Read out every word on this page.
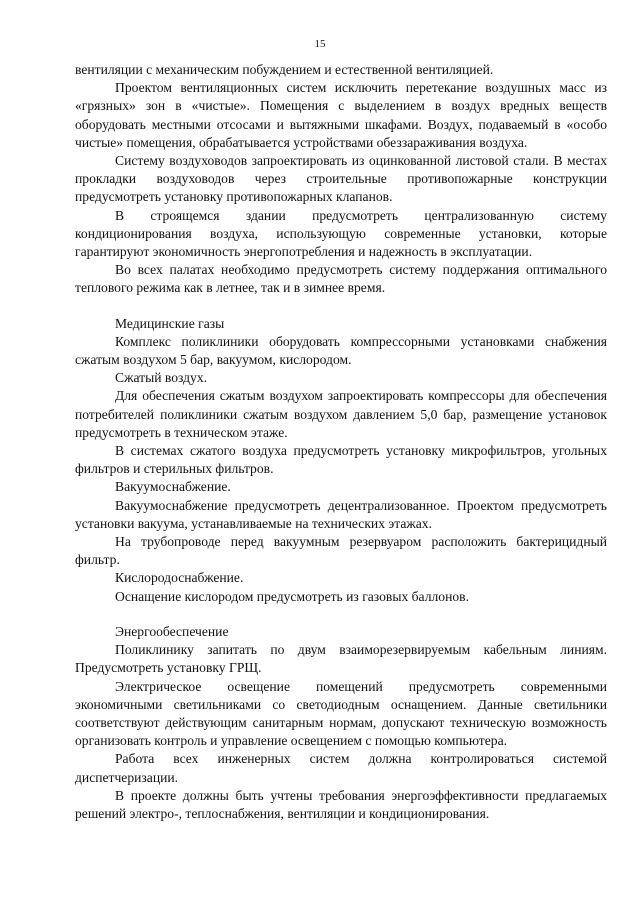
15

вентиляции с механическим побуждением и естественной вентиляцией.

Проектом вентиляционных систем исключить перетекание воздушных масс из «грязных» зон в «чистые». Помещения с выделением в воздух вредных веществ оборудовать местными отсосами и вытяжными шкафами. Воздух, подаваемый в «особо чистые» помещения, обрабатывается устройствами обеззараживания воздуха.

Систему воздуховодов запроектировать из оцинкованной листовой стали. В местах прокладки воздуховодов через строительные противопожарные конструкции предусмотреть установку противопожарных клапанов.

В строящемся здании предусмотреть централизованную систему кондиционирования воздуха, использующую современные установки, которые гарантируют экономичность энергопотребления и надежность в эксплуатации.

Во всех палатах необходимо предусмотреть систему поддержания оптимального теплового режима как в летнее, так и в зимнее время.

Медицинские газы

Комплекс поликлиники оборудовать компрессорными установками снабжения сжатым воздухом 5 бар, вакуумом, кислородом.

Сжатый воздух.

Для обеспечения сжатым воздухом запроектировать компрессоры для обеспечения потребителей поликлиники сжатым воздухом давлением 5,0 бар, размещение установок предусмотреть в техническом этаже.

В системах сжатого воздуха предусмотреть установку микрофильтров, угольных фильтров и стерильных фильтров.

Вакуумоснабжение.

Вакуумоснабжение предусмотреть децентрализованное. Проектом предусмотреть установки вакуума, устанавливаемые на технических этажах.

На трубопроводе перед вакуумным резервуаром расположить бактерицидный фильтр.

Кислородоснабжение.

Оснащение кислородом предусмотреть из газовых баллонов.

Энергообеспечение

Поликлинику запитать по двум взаиморезервируемым кабельным линиям. Предусмотреть установку ГРЩ.

Электрическое освещение помещений предусмотреть современными экономичными светильниками со светодиодным оснащением. Данные светильники соответствуют действующим санитарным нормам, допускают техническую возможность организовать контроль и управление освещением с помощью компьютера.

Работа всех инженерных систем должна контролироваться системой диспетчеризации.

В проекте должны быть учтены требования энергоэффективности предлагаемых решений электро-, теплоснабжения, вентиляции и кондиционирования.
